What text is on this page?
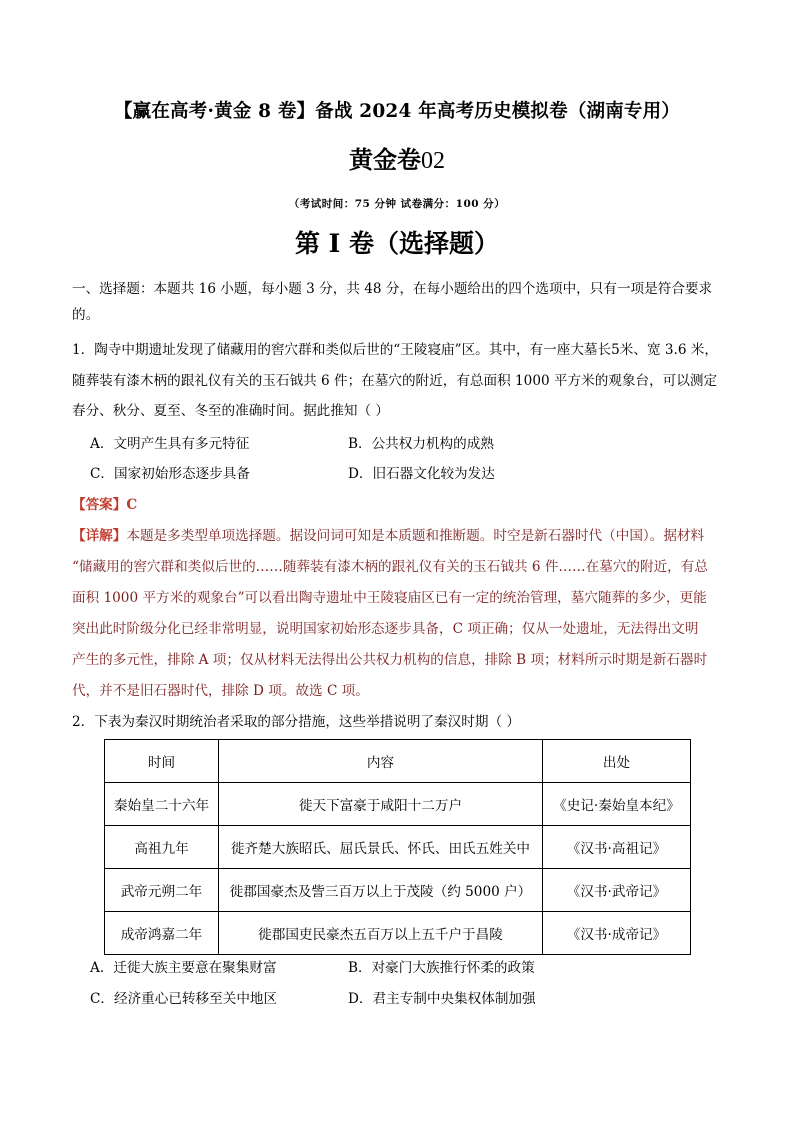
【赢在高考·黄金 8 卷】备战 2024 年高考历史模拟卷（湖南专用）
黄金卷02
（考试时间：75 分钟 试卷满分：100 分）
第 I 卷（选择题）
一、选择题：本题共 16 小题，每小题 3 分，共 48 分，在每小题给出的四个选项中，只有一项是符合要求
的。
1．陶寺中期遗址发现了储藏用的窖穴群和类似后世的“王陵寝庙”区。其中，有一座大墓长5米、宽 3.6 米，
随葬装有漆木柄的跟礼仪有关的玉石钺共 6 件；在墓穴的附近，有总面积 1000 平方米的观象台，可以测定
春分、秋分、夏至、冬至的准确时间。据此推知（ ）
A．文明产生具有多元特征	B．公共权力机构的成熟
C．国家初始形态逐步具备	D．旧石器文化较为发达
【答案】C
【详解】本题是多类型单项选择题。据设问词可知是本质题和推断题。时空是新石器时代（中国）。据材料
“储藏用的窖穴群和类似后世的……随葬装有漆木柄的跟礼仪有关的玉石钺共 6 件……在墓穴的附近，有总
面积 1000 平方米的观象台”可以看出陶寺遗址中王陵寝庙区已有一定的统治管理，墓穴随葬的多少，更能
突出此时阶级分化已经非常明显，说明国家初始形态逐步具备，C 项正确；仅从一处遗址，无法得出文明
产生的多元性，排除 A 项；仅从材料无法得出公共权力机构的信息，排除 B 项；材料所示时期是新石器时
代，并不是旧石器时代，排除 D 项。故选 C 项。
2．下表为秦汉时期统治者采取的部分措施，这些举措说明了秦汉时期（ ）
时间	内容	出处
秦始皇二十六年	徙天下富豪于咸阳十二万户	《史记·秦始皇本纪》
高祖九年	徙齐楚大族昭氏、屈氏景氏、怀氏、田氏五姓关中	《汉书·高祖记》
武帝元朔二年	徙郡国豪杰及訾三百万以上于茂陵（约 5000 户）	《汉书·武帝记》
成帝鸿嘉二年	徙郡国吏民豪杰五百万以上五千户于昌陵	《汉书·成帝记》
A．迁徙大族主要意在聚集财富	B．对豪门大族推行怀柔的政策
C．经济重心已转移至关中地区	D．君主专制中央集权体制加强
